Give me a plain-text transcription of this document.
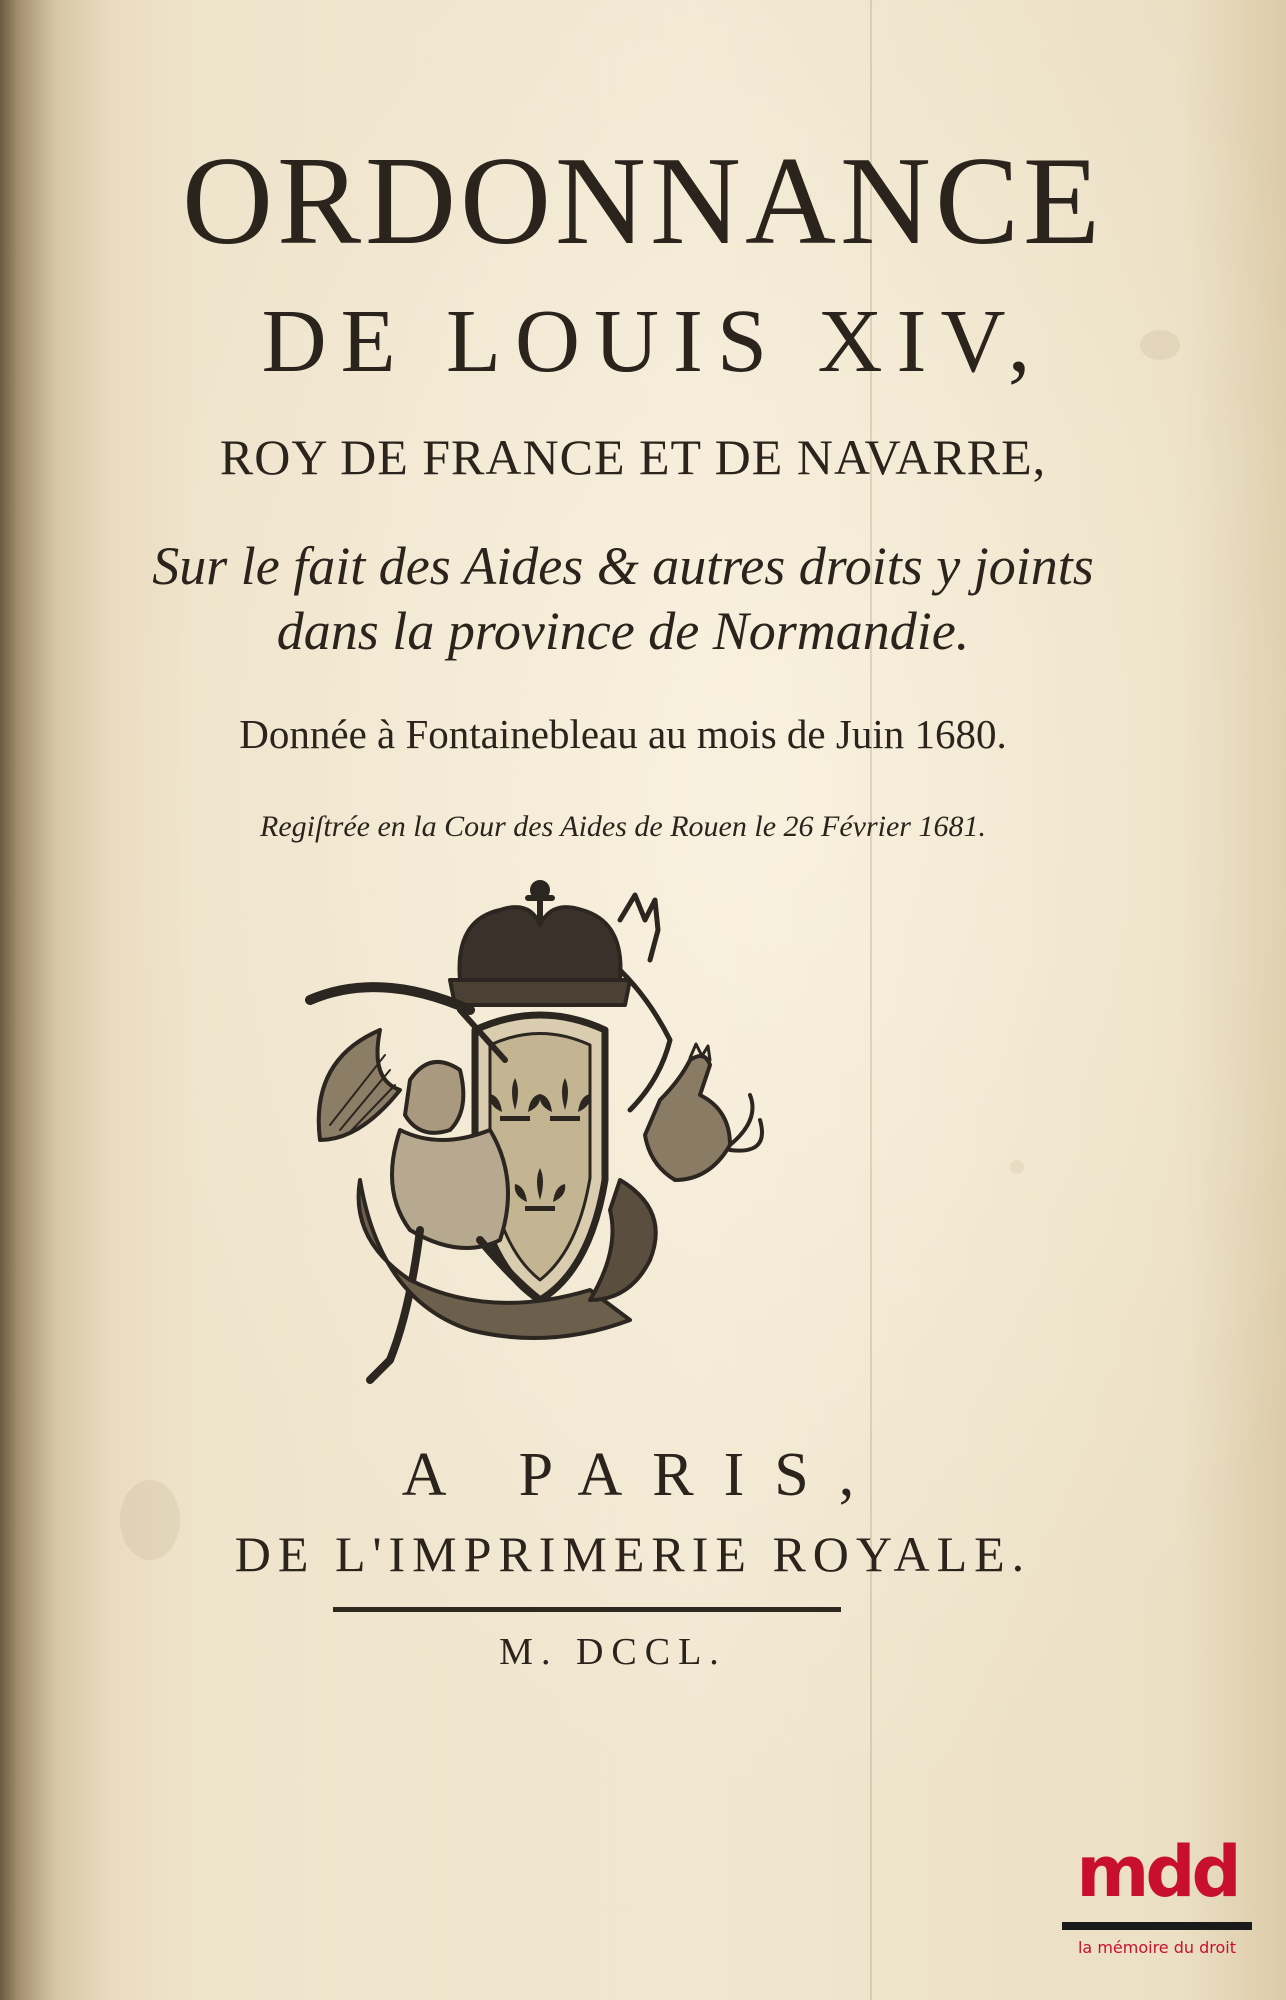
ORDONNANCE
DE LOUIS XIV,
ROY DE FRANCE ET DE NAVARRE,
Sur le fait des Aides & autres droits y joints
dans la province de Normandie.
Donnée à Fontainebleau au mois de Juin 1680.
Regiſtrée en la Cour des Aides de Rouen le 26 Février 1681.
A PARIS,
DE L'IMPRIMERIE ROYALE.
M. DCCL.
mdd
la mémoire du droit
